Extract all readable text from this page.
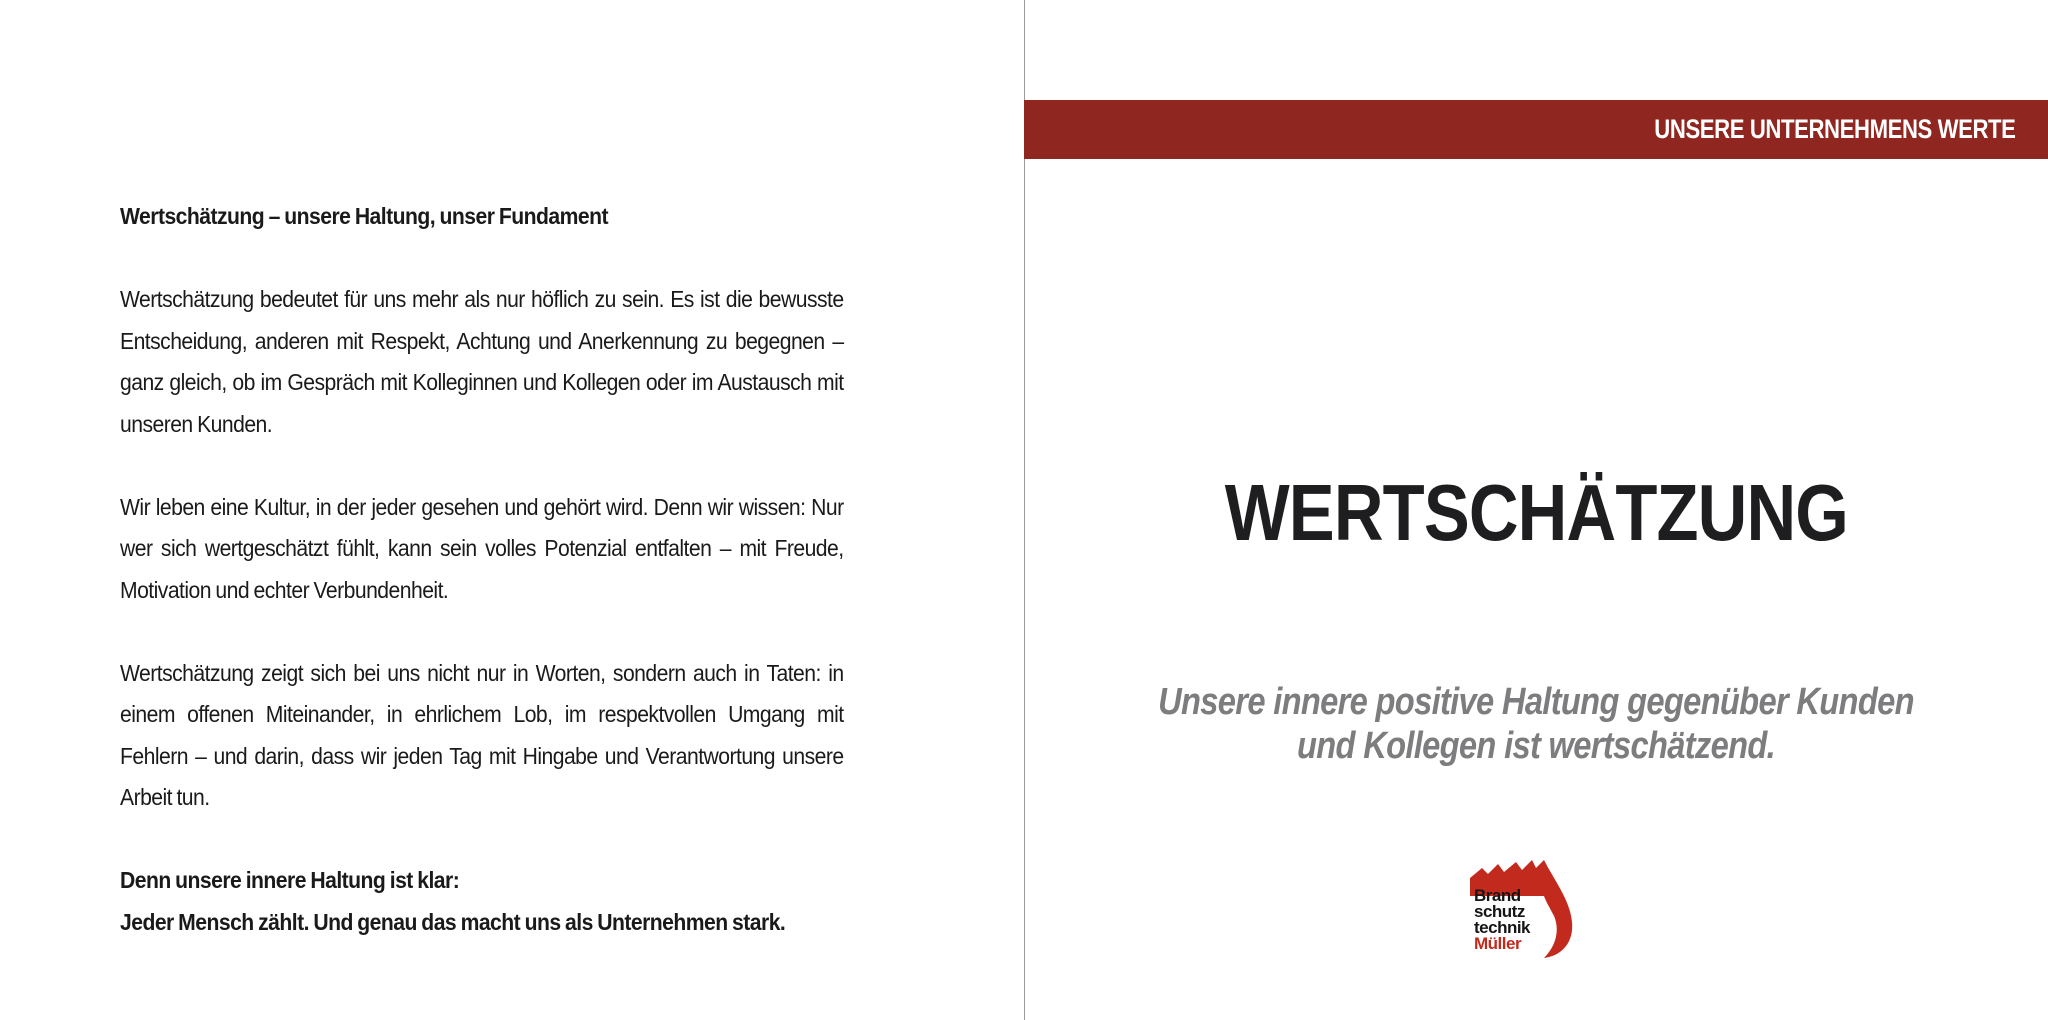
Wertschätzung – unsere Haltung, unser Fundament

Wertschätzung bedeutet für uns mehr als nur höflich zu sein. Es ist die bewusste Entscheidung, anderen mit Respekt, Achtung und Anerkennung zu begegnen – ganz gleich, ob im Gespräch mit Kolleginnen und Kollegen oder im Austausch mit unseren Kunden.

Wir leben eine Kultur, in der jeder gesehen und gehört wird. Denn wir wissen: Nur wer sich wertgeschätzt fühlt, kann sein volles Potenzial entfalten – mit Freude, Motivation und echter Verbundenheit.

Wertschätzung zeigt sich bei uns nicht nur in Worten, sondern auch in Taten: in einem offenen Miteinander, in ehrlichem Lob, im respektvollen Umgang mit Fehlern – und darin, dass wir jeden Tag mit Hingabe und Verantwortung unsere Arbeit tun.

Denn unsere innere Haltung ist klar:
Jeder Mensch zählt. Und genau das macht uns als Unternehmen stark.

UNSERE UNTERNEHMENS WERTE
WERTSCHÄTZUNG
Unsere innere positive Haltung gegenüber Kunden
und Kollegen ist wertschätzend.
Brand
schutz
technik
Müller
